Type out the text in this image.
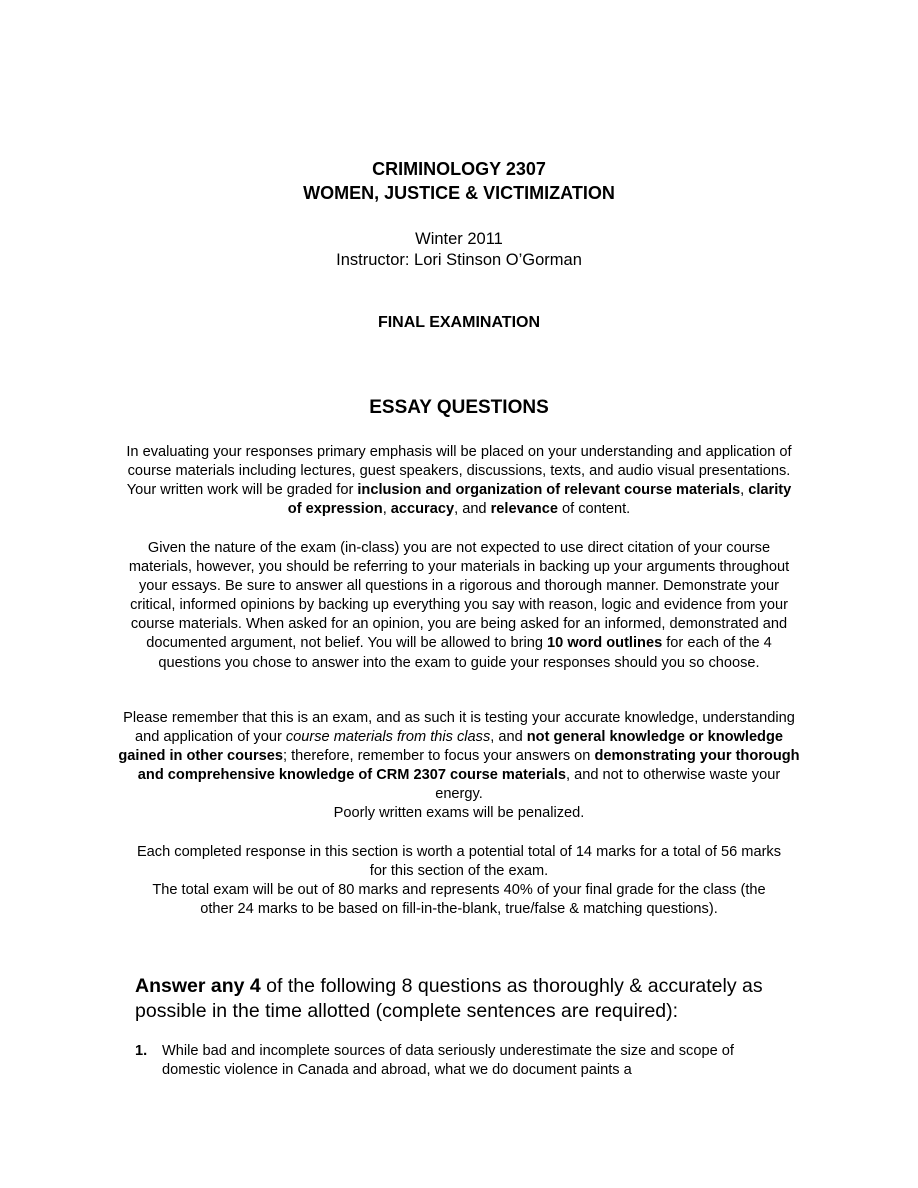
CRIMINOLOGY 2307
WOMEN, JUSTICE & VICTIMIZATION
Winter 2011
Instructor: Lori Stinson O’Gorman
FINAL EXAMINATION
ESSAY QUESTIONS
In evaluating your responses primary emphasis will be placed on your understanding and application of course materials including lectures, guest speakers, discussions, texts, and audio visual presentations. Your written work will be graded for inclusion and organization of relevant course materials, clarity of expression, accuracy, and relevance of content.
Given the nature of the exam (in-class) you are not expected to use direct citation of your course materials, however, you should be referring to your materials in backing up your arguments throughout your essays. Be sure to answer all questions in a rigorous and thorough manner. Demonstrate your critical, informed opinions by backing up everything you say with reason, logic and evidence from your course materials. When asked for an opinion, you are being asked for an informed, demonstrated and documented argument, not belief. You will be allowed to bring 10 word outlines for each of the 4 questions you chose to answer into the exam to guide your responses should you so choose.
Please remember that this is an exam, and as such it is testing your accurate knowledge, understanding and application of your course materials from this class, and not general knowledge or knowledge gained in other courses; therefore, remember to focus your answers on demonstrating your thorough and comprehensive knowledge of CRM 2307 course materials, and not to otherwise waste your energy.
Poorly written exams will be penalized.
Each completed response in this section is worth a potential total of 14 marks for a total of 56 marks for this section of the exam.
The total exam will be out of 80 marks and represents 40% of your final grade for the class (the other 24 marks to be based on fill-in-the-blank, true/false & matching questions).
Answer any 4 of the following 8 questions as thoroughly & accurately as possible in the time allotted (complete sentences are required):
1. While bad and incomplete sources of data seriously underestimate the size and scope of domestic violence in Canada and abroad, what we do document paints a
